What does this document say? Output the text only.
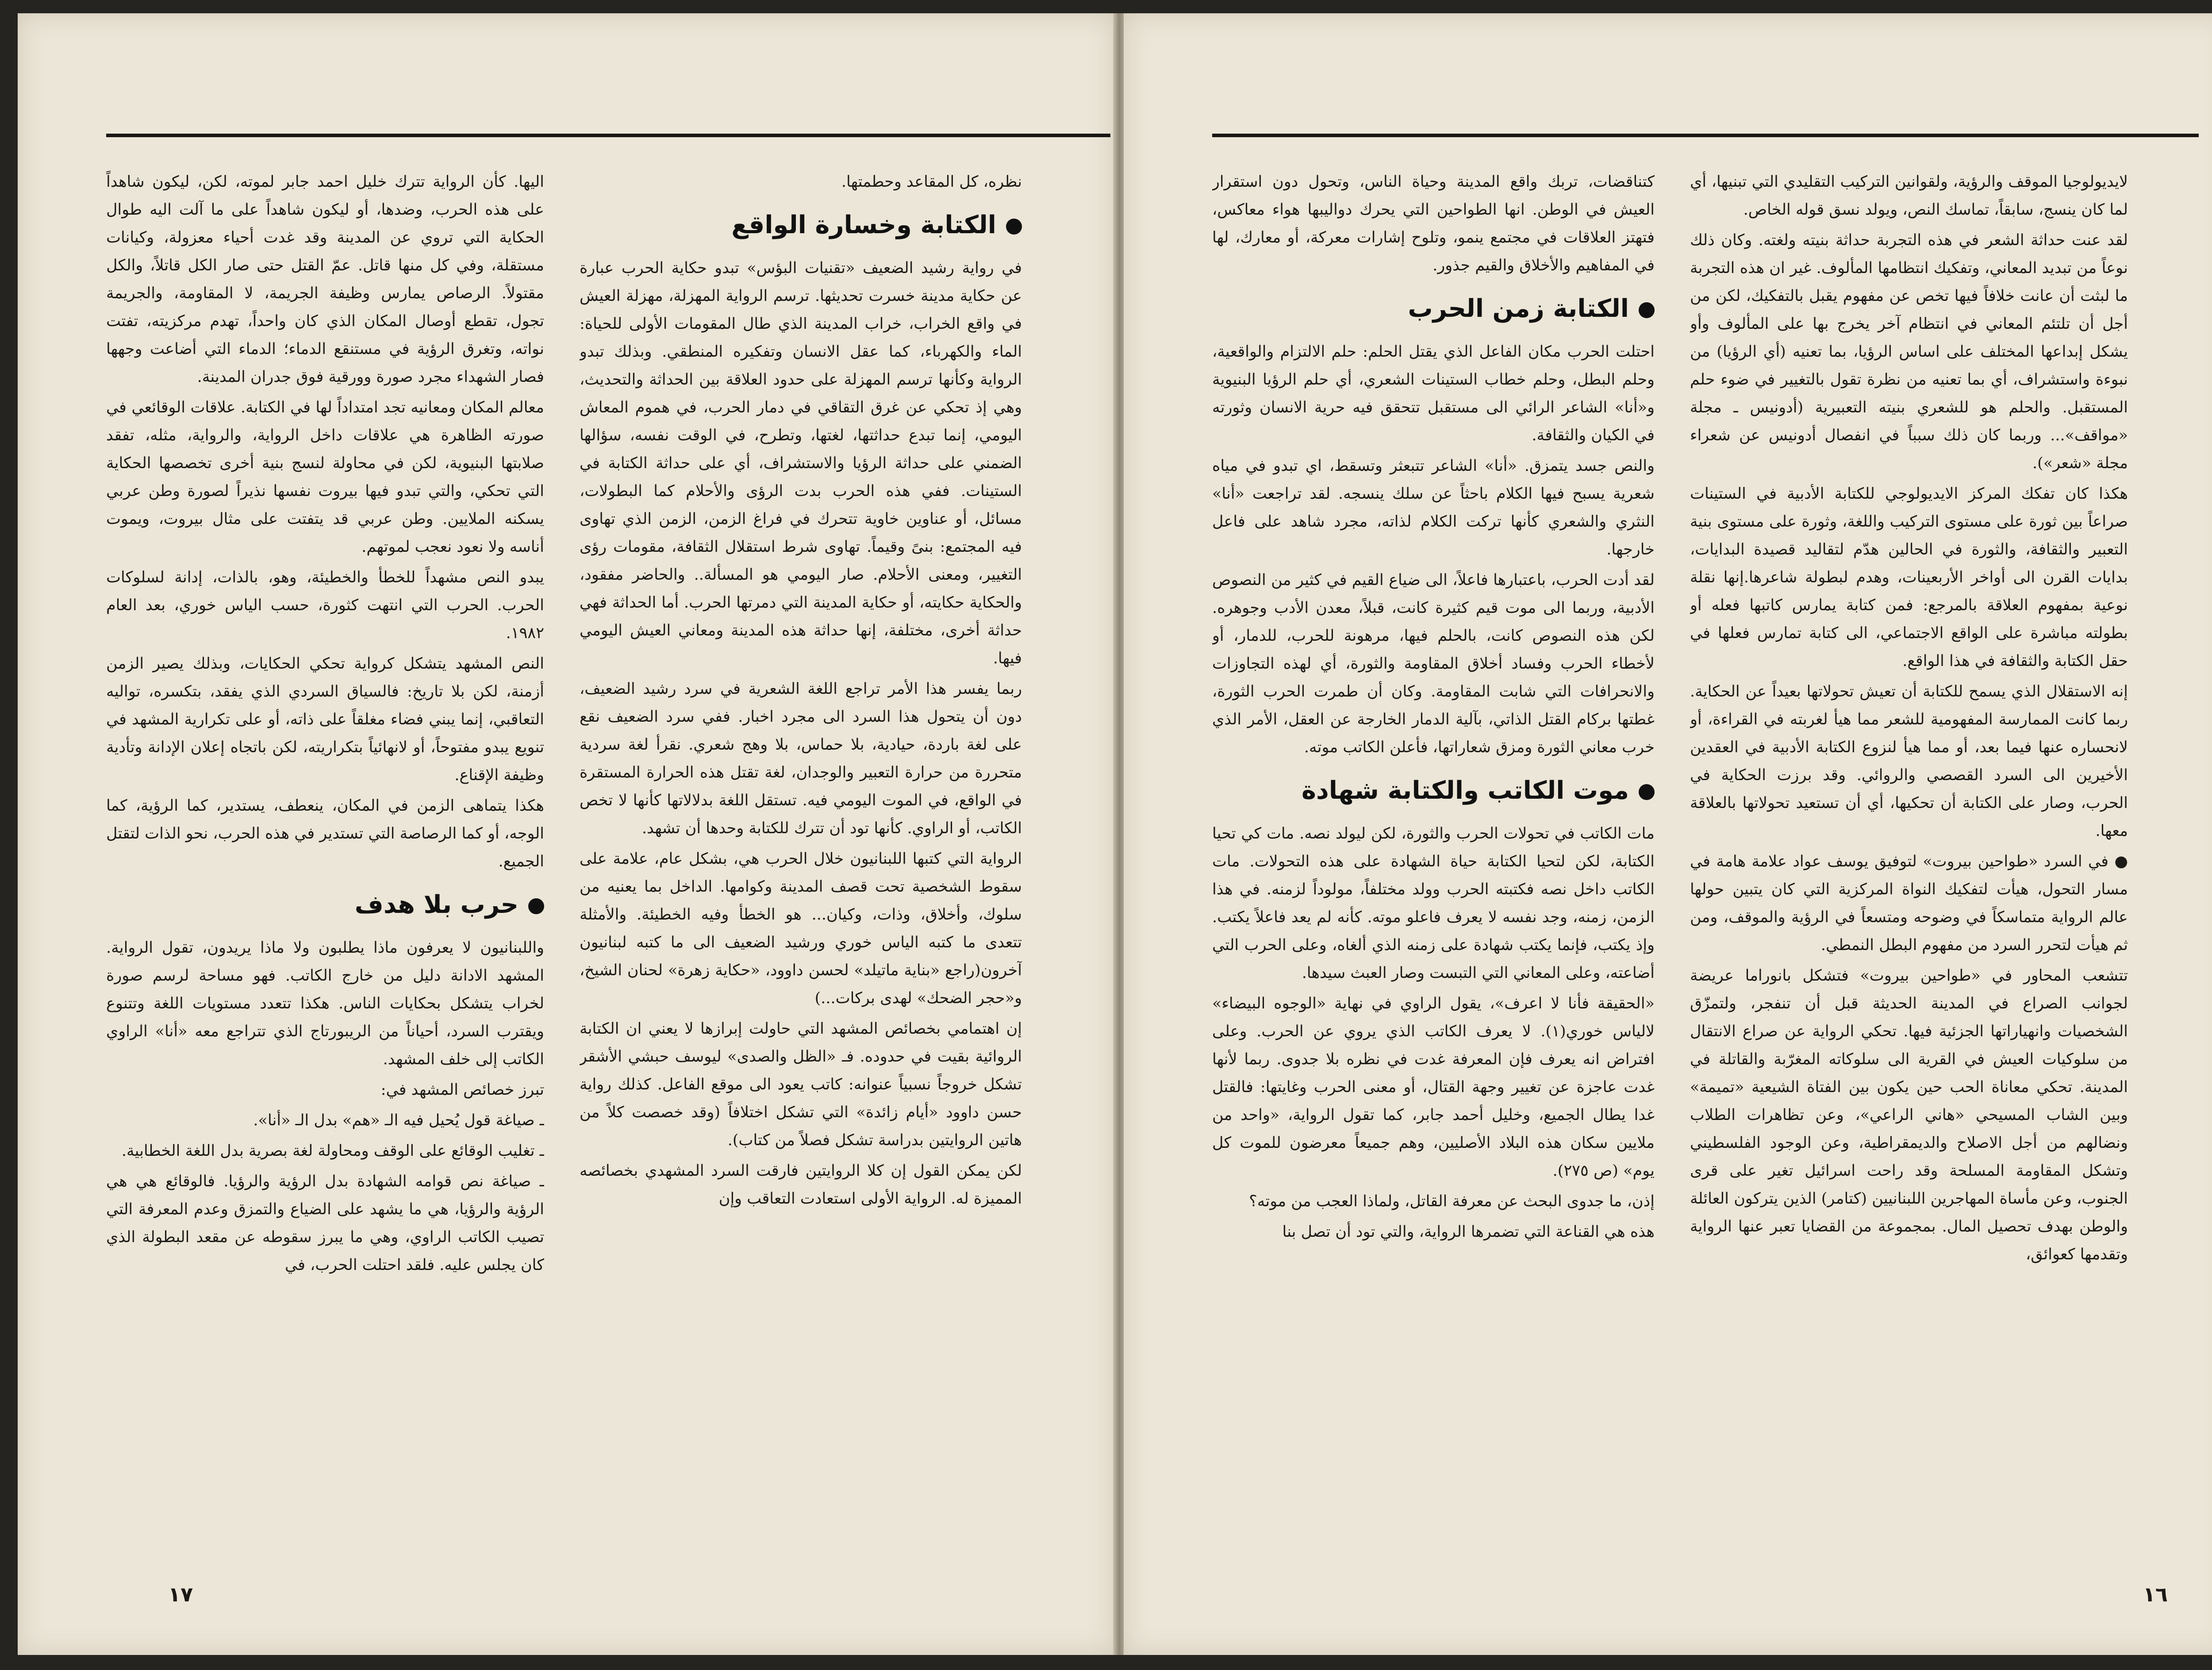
نظره، كل المقاعد وحطمتها.

الكتابة وخسارة الواقع

في رواية رشيد الضعيف «تقنيات البؤس» تبدو حكاية الحرب عبارة عن حكاية مدينة خسرت تحديثها. ترسم الرواية المهزلة، مهزلة العيش في واقع الخراب، خراب المدينة الذي طال المقومات الأولى للحياة: الماء والكهرباء، كما عقل الانسان وتفكيره المنطقي. وبذلك تبدو الرواية وكأنها ترسم المهزلة على حدود العلاقة بين الحداثة والتحديث، وهي إذ تحكي عن غرق التقاقي في دمار الحرب، في هموم المعاش اليومي، إنما تبدع حداثتها، لغتها، وتطرح، في الوقت نفسه، سؤالها الضمني على حداثة الرؤيا والاستشراف، أي على حداثة الكتابة في الستينات. ففي هذه الحرب بدت الرؤى والأحلام كما البطولات، مسائل، أو عناوين خاوية تتحرك في فراغ الزمن، الزمن الذي تهاوى فيه المجتمع: بنىً وقيماً. تهاوى شرط استقلال الثقافة، مقومات رؤى التغيير، ومعنى الأحلام. صار اليومي هو المسألة.. والحاضر مفقود، والحكاية حكايته، أو حكاية المدينة التي دمرتها الحرب. أما الحداثة فهي حداثة أخرى، مختلفة، إنها حداثة هذه المدينة ومعاني العيش اليومي فيها.

ربما يفسر هذا الأمر تراجع اللغة الشعرية في سرد رشيد الضعيف، دون أن يتحول هذا السرد الى مجرد اخبار. ففي سرد الضعيف نقع على لغة باردة، حيادية، بلا حماس، بلا وهج شعري. نقرأ لغة سردية متحررة من حرارة التعبير والوجدان، لغة تقتل هذه الحرارة المستقرة في الواقع، في الموت اليومي فيه. تستقل اللغة بدلالاتها كأنها لا تخص الكاتب، أو الراوي. كأنها تود أن تترك للكتابة وحدها أن تشهد.

الرواية التي كتبها اللبنانيون خلال الحرب هي، بشكل عام، علامة على سقوط الشخصية تحت قصف المدينة وكوامها. الداخل بما يعنيه من سلوك، وأخلاق، وذات، وكيان... هو الخطأ وفيه الخطيئة. والأمثلة تتعدى ما كتبه الياس خوري ورشيد الضعيف الى ما كتبه لبنانيون آخرون(راجع «بناية ماتيلد» لحسن داوود، «حكاية زهرة» لحنان الشيخ، و«حجر الضحك» لهدى بركات...)

إن اهتمامي بخصائص المشهد التي حاولت إبرازها لا يعني ان الكتابة الروائية بقيت في حدوده. فـ «الظل والصدى» ليوسف حبشي الأشقر تشكل خروجاً نسبياً عنوانه: كاتب يعود الى موقع الفاعل. كذلك رواية حسن داوود «أيام زائدة» التي تشكل اختلافاً (وقد خصصت كلاً من هاتين الروايتين بدراسة تشكل فصلاً من كتاب).

لكن يمكن القول إن كلا الروايتين فارقت السرد المشهدي بخصائصه المميزة له. الرواية الأولى استعادت التعاقب وإن

اليها. كأن الرواية تترك خليل احمد جابر لموته، لكن، ليكون شاهداً على هذه الحرب، وضدها، أو ليكون شاهداً على ما آلت اليه طوال الحكاية التي تروي عن المدينة وقد غدت أحياء معزولة، وكيانات مستقلة، وفي كل منها قاتل. عمّ القتل حتى صار الكل قاتلاً، والكل مقتولاً. الرصاص يمارس وظيفة الجريمة، لا المقاومة، والجريمة تجول، تقطع أوصال المكان الذي كان واحداً، تهدم مركزيته، تفتت نواته، وتغرق الرؤية في مستنقع الدماء؛ الدماء التي أضاعت وجهها فصار الشهداء مجرد صورة وورقية فوق جدران المدينة.

معالم المكان ومعانيه تجد امتداداً لها في الكتابة. علاقات الوقائعي في صورته الظاهرة هي علاقات داخل الرواية، والرواية، مثله، تفقد صلابتها البنيوية، لكن في محاولة لنسج بنية أخرى تخصصها الحكاية التي تحكي، والتي تبدو فيها بيروت نفسها نذيراً لصورة وطن عربي يسكنه الملايين. وطن عربي قد يتفتت على مثال بيروت، ويموت أناسه ولا نعود نعجب لموتهم.

يبدو النص مشهداً للخطأ والخطيئة، وهو، بالذات، إدانة لسلوكات الحرب. الحرب التي انتهت كثورة، حسب الياس خوري، بعد العام ١٩٨٢.

النص المشهد يتشكل كرواية تحكي الحكايات، وبذلك يصير الزمن أزمنة، لكن بلا تاريخ: فالسياق السردي الذي يفقد، بتكسره، تواليه التعاقبي، إنما يبني فضاء مغلقاً على ذاته، أو على تكرارية المشهد في تنويع يبدو مفتوحاً، أو لانهائياً بتكراريته، لكن باتجاه إعلان الإدانة وتأدية وظيفة الإقناع.

هكذا يتماهى الزمن في المكان، ينعطف، يستدير، كما الرؤية، كما الوجه، أو كما الرصاصة التي تستدير في هذه الحرب، نحو الذات لتقتل الجميع.

حرب بلا هدف

واللبنانيون لا يعرفون ماذا يطلبون ولا ماذا يريدون، تقول الرواية. المشهد الادانة دليل من خارج الكاتب. فهو مساحة لرسم صورة لخراب يتشكل بحكايات الناس. هكذا تتعدد مستويات اللغة وتتنوع ويقترب السرد، أحياناً من الريبورتاج الذي تتراجع معه «أنا» الراوي الكاتب إلى خلف المشهد.

تبرز خصائص المشهد في:

ـ صياغة قول يُحيل فيه الـ «هم» بدل الـ «أنا».

ـ تغليب الوقائع على الوقف ومحاولة لغة بصرية بدل اللغة الخطابية.

ـ صياغة نص قوامه الشهادة بدل الرؤية والرؤيا. فالوقائع هي هي الرؤية والرؤيا، هي ما يشهد على الضياع والتمزق وعدم المعرفة التي تصيب الكاتب الراوي، وهي ما يبرز سقوطه عن مقعد البطولة الذي كان يجلس عليه. فلقد احتلت الحرب، في

١٧

لايديولوجيا الموقف والرؤية، ولقوانين التركيب التقليدي التي تبنيها، أي لما كان ينسج، سابقاً، تماسك النص، ويولد نسق قوله الخاص.

لقد عنت حداثة الشعر في هذه التجربة حداثة بنيته ولغته. وكان ذلك نوعاً من تبديد المعاني، وتفكيك انتظامها المألوف. غير ان هذه التجربة ما لبثت أن عانت خلافاً فيها تخص عن مفهوم يقبل بالتفكيك، لكن من أجل أن تلتئم المعاني في انتظام آخر يخرج بها على المألوف وأو يشكل إبداعها المختلف على اساس الرؤيا، بما تعنيه (أي الرؤيا) من نبوءة واستشراف، أي بما تعنيه من نظرة تقول بالتغيير في ضوء حلم المستقبل. والحلم هو للشعري بنيته التعبيرية (أدونيس ـ مجلة «مواقف»... وربما كان ذلك سبباً في انفصال أدونيس عن شعراء مجلة «شعر»).

هكذا كان تفكك المركز الايديولوجي للكتابة الأدبية في الستينات صراعاً بين ثورة على مستوى التركيب واللغة، وثورة على مستوى بنية التعبير والثقافة، والثورة في الحالين هدّم لتقاليد قصيدة البدايات، بدايات القرن الى أواخر الأربعينات، وهدم لبطولة شاعرها.إنها نقلة نوعية بمفهوم العلاقة بالمرجع: فمن كتابة يمارس كاتبها فعله أو بطولته مباشرة على الواقع الاجتماعي، الى كتابة تمارس فعلها في حقل الكتابة والثقافة في هذا الواقع.

إنه الاستقلال الذي يسمح للكتابة أن تعيش تحولاتها بعيداً عن الحكاية. ربما كانت الممارسة المفهومية للشعر مما هيأ لغربته في القراءة، أو لانحساره عنها فيما بعد، أو مما هيأ لنزوع الكتابة الأدبية في العقدين الأخيرين الى السرد القصصي والروائي. وقد برزت الحكاية في الحرب، وصار على الكتابة أن تحكيها، أي أن تستعيد تحولاتها بالعلاقة معها.

● في السرد «طواحين بيروت» لتوفيق يوسف عواد علامة هامة في مسار التحول، هيأت لتفكيك النواة المركزية التي كان يتبين حولها عالم الرواية متماسكاً في وضوحه ومتسعاً في الرؤية والموقف، ومن ثم هيأت لتحرر السرد من مفهوم البطل النمطي.

تتشعب المحاور في «طواحين بيروت» فتشكل بانوراما عريضة لجوانب الصراع في المدينة الحديثة قبل أن تنفجر، ولتمزّق الشخصيات وانهياراتها الجزئية فيها. تحكي الرواية عن صراع الانتقال من سلوكيات العيش في القرية الى سلوكاته المغرّبة والقاتلة في المدينة. تحكي معاناة الحب حين يكون بين الفتاة الشيعية «تميمة» وبين الشاب المسيحي «هاني الراعي»، وعن تظاهرات الطلاب ونضالهم من أجل الاصلاح والديمقراطية، وعن الوجود الفلسطيني وتشكل المقاومة المسلحة وقد راحت اسرائيل تغير على قرى الجنوب، وعن مأساة المهاجرين اللبنانيين (كتامر) الذين يتركون العائلة والوطن بهدف تحصيل المال. بمجموعة من القضايا تعبر عنها الرواية وتقدمها كعوائق،

كتناقضات، تربك واقع المدينة وحياة الناس، وتحول دون استقرار العيش في الوطن. انها الطواحين التي يحرك دواليبها هواء معاكس، فتهتز العلاقات في مجتمع ينمو، وتلوح إشارات معركة، أو معارك، لها في المفاهيم والأخلاق والقيم جذور.

الكتابة زمن الحرب

احتلت الحرب مكان الفاعل الذي يقتل الحلم: حلم الالتزام والواقعية، وحلم البطل، وحلم خطاب الستينات الشعري، أي حلم الرؤيا البنيوية و«أنا» الشاعر الرائي الى مستقبل تتحقق فيه حرية الانسان وثورته في الكيان والثقافة.

والنص جسد يتمزق. «أنا» الشاعر تتبعثر وتسقط، اي تبدو في مياه شعرية يسبح فيها الكلام باحثاً عن سلك ينسجه. لقد تراجعت «أنا» النثري والشعري كأنها تركت الكلام لذاته، مجرد شاهد على فاعل خارجها.

لقد أدت الحرب، باعتبارها فاعلاً، الى ضياع القيم في كثير من النصوص الأدبية، وربما الى موت قيم كثيرة كانت، قبلاً، معدن الأدب وجوهره. لكن هذه النصوص كانت، بالحلم فيها، مرهونة للحرب، للدمار، أو لأخطاء الحرب وفساد أخلاق المقاومة والثورة، أي لهذه التجاوزات والانحرافات التي شابت المقاومة. وكان أن طمرت الحرب الثورة، غطتها بركام القتل الذاتي، بآلية الدمار الخارجة عن العقل، الأمر الذي خرب معاني الثورة ومزق شعاراتها، فأعلن الكاتب موته.

موت الكاتب والكتابة شهادة

مات الكاتب في تحولات الحرب والثورة، لكن ليولد نصه. مات كي تحيا الكتابة، لكن لتحيا الكتابة حياة الشهادة على هذه التحولات. مات الكاتب داخل نصه فكتبته الحرب وولد مختلفاً، مولوداً لزمنه. في هذا الزمن، زمنه، وجد نفسه لا يعرف فاعلو موته. كأنه لم يعد فاعلاً يكتب. وإذ يكتب، فإنما يكتب شهادة على زمنه الذي ألغاه، وعلى الحرب التي أضاعته، وعلى المعاني التي التبست وصار العبث سيدها.

«الحقيقة فأنا لا اعرف»، يقول الراوي في نهاية «الوجوه البيضاء» لالياس خوري(١). لا يعرف الكاتب الذي يروي عن الحرب. وعلى افتراض انه يعرف فإن المعرفة غدت في نظره بلا جدوى. ربما لأنها غدت عاجزة عن تغيير وجهة القتال، أو معنى الحرب وغايتها: فالقتل غدا يطال الجميع، وخليل أحمد جابر، كما تقول الرواية، «واحد من ملايين سكان هذه البلاد الأصليين، وهم جميعاً معرضون للموت كل يوم» (ص ٢٧٥).

إذن، ما جدوى البحث عن معرفة القاتل، ولماذا العجب من موته؟

هذه هي القناعة التي تضمرها الرواية، والتي تود أن تصل بنا

١٦
